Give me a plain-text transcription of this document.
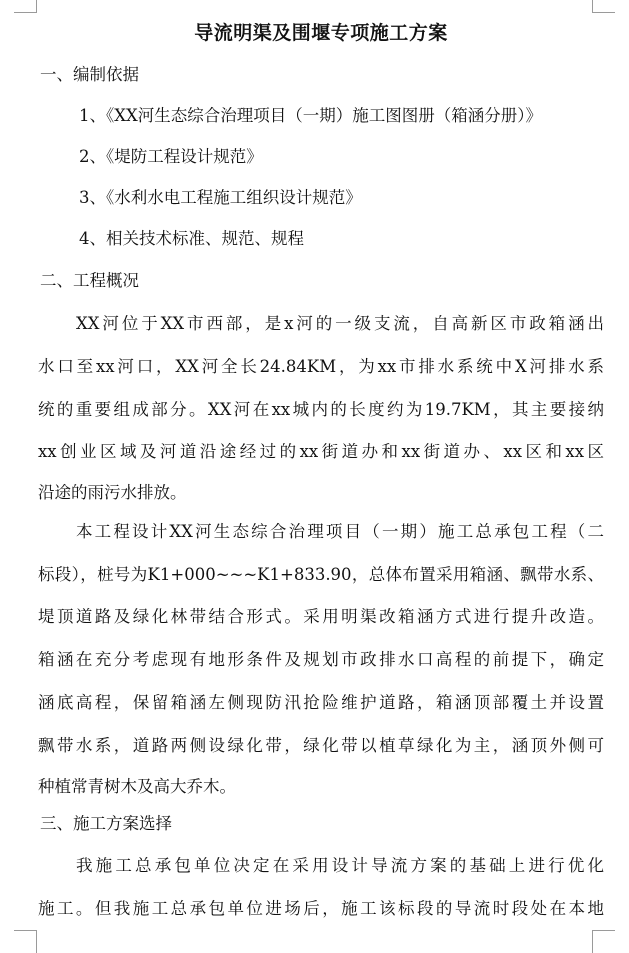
导流明渠及围堰专项施工方案

一、编制依据

1、《XX河生态综合治理项目（一期）施工图图册（箱涵分册）》

2、《堤防工程设计规范》

3、《水利水电工程施工组织设计规范》

4、相关技术标准、规范、规程

二、工程概况

XX河位于XX市西部，是x河的一级支流，自高新区市政箱涵出

水口至xx河口，XX河全长24.84KM，为xx市排水系统中X河排水系

统的重要组成部分。XX河在xx城内的长度约为19.7KM，其主要接纳

xx创业区域及河道沿途经过的xx街道办和xx街道办、xx区和xx区

沿途的雨污水排放。

本工程设计XX河生态综合治理项目（一期）施工总承包工程（二

标段），桩号为K1+000~~~K1+833.90，总体布置采用箱涵、飘带水系、

堤顶道路及绿化林带结合形式。采用明渠改箱涵方式进行提升改造。

箱涵在充分考虑现有地形条件及规划市政排水口高程的前提下，确定

涵底高程，保留箱涵左侧现防汛抢险维护道路，箱涵顶部覆土并设置

飘带水系，道路两侧设绿化带，绿化带以植草绿化为主，涵顶外侧可

种植常青树木及高大乔木。

三、施工方案选择

我施工总承包单位决定在采用设计导流方案的基础上进行优化

施工。但我施工总承包单位进场后，施工该标段的导流时段处在本地
